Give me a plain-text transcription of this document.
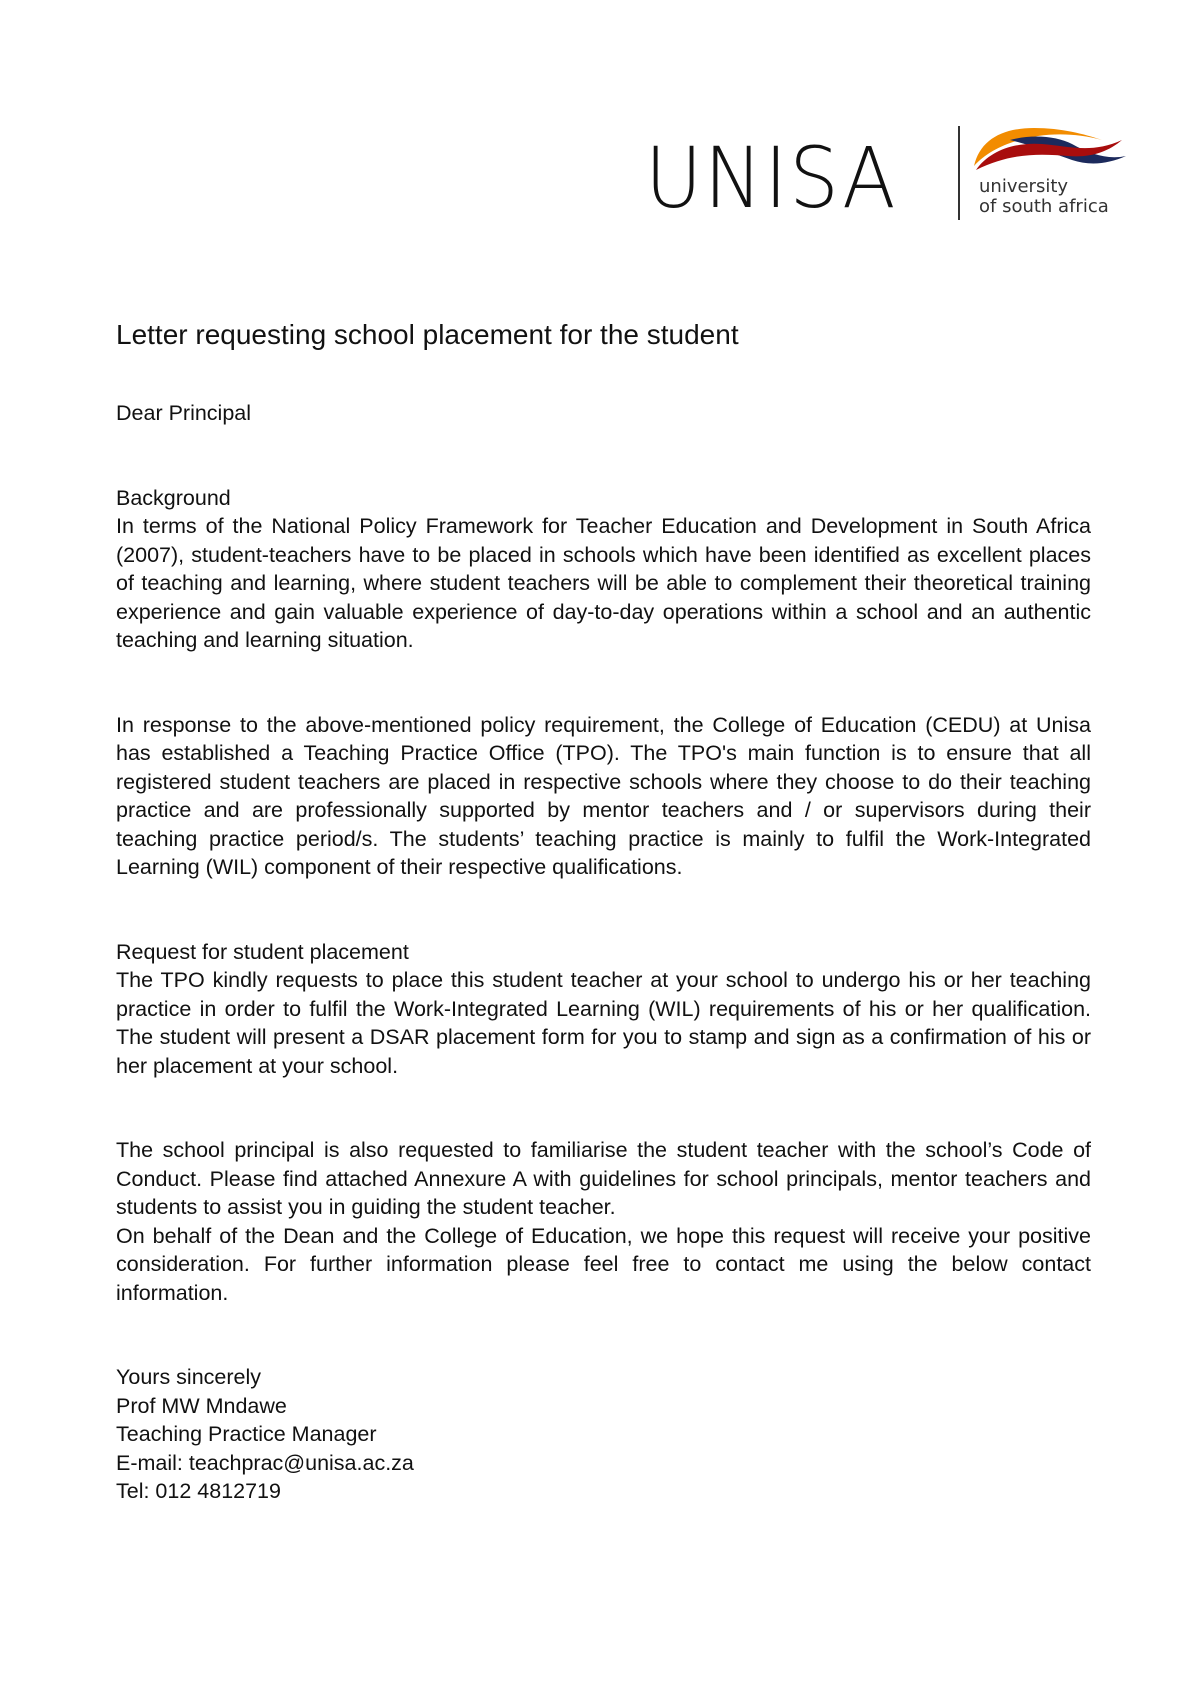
UNISA	university
of south africa
Letter requesting school placement for the student

Dear Principal

Background

In terms of the National Policy Framework for Teacher Education and Development in South Africa (2007), student-teachers have to be placed in schools which have been identified as excellent places of teaching and learning, where student teachers will be able to complement their theoretical training experience and gain valuable experience of day-to-day operations within a school and an authentic teaching and learning situation.

In response to the above-mentioned policy requirement, the College of Education (CEDU) at Unisa has established a Teaching Practice Office (TPO). The TPO's main function is to ensure that all registered student teachers are placed in respective schools where they choose to do their teaching practice and are professionally supported by mentor teachers and / or supervisors during their teaching practice period/s. The students’ teaching practice is mainly to fulfil the Work-Integrated Learning (WIL) component of their respective qualifications.

Request for student placement

The TPO kindly requests to place this student teacher at your school to undergo his or her teaching practice in order to fulfil the Work-Integrated Learning (WIL) requirements of his or her qualification. The student will present a DSAR placement form for you to stamp and sign as a confirmation of his or her placement at your school.

The school principal is also requested to familiarise the student teacher with the school’s Code of Conduct. Please find attached Annexure A with guidelines for school principals, mentor teachers and students to assist you in guiding the student teacher.

On behalf of the Dean and the College of Education, we hope this request will receive your positive consideration. For further information please feel free to contact me using the below contact information.

Yours sincerely

Prof MW Mndawe

Teaching Practice Manager

E-mail: teachprac@unisa.ac.za

Tel: 012 4812719
